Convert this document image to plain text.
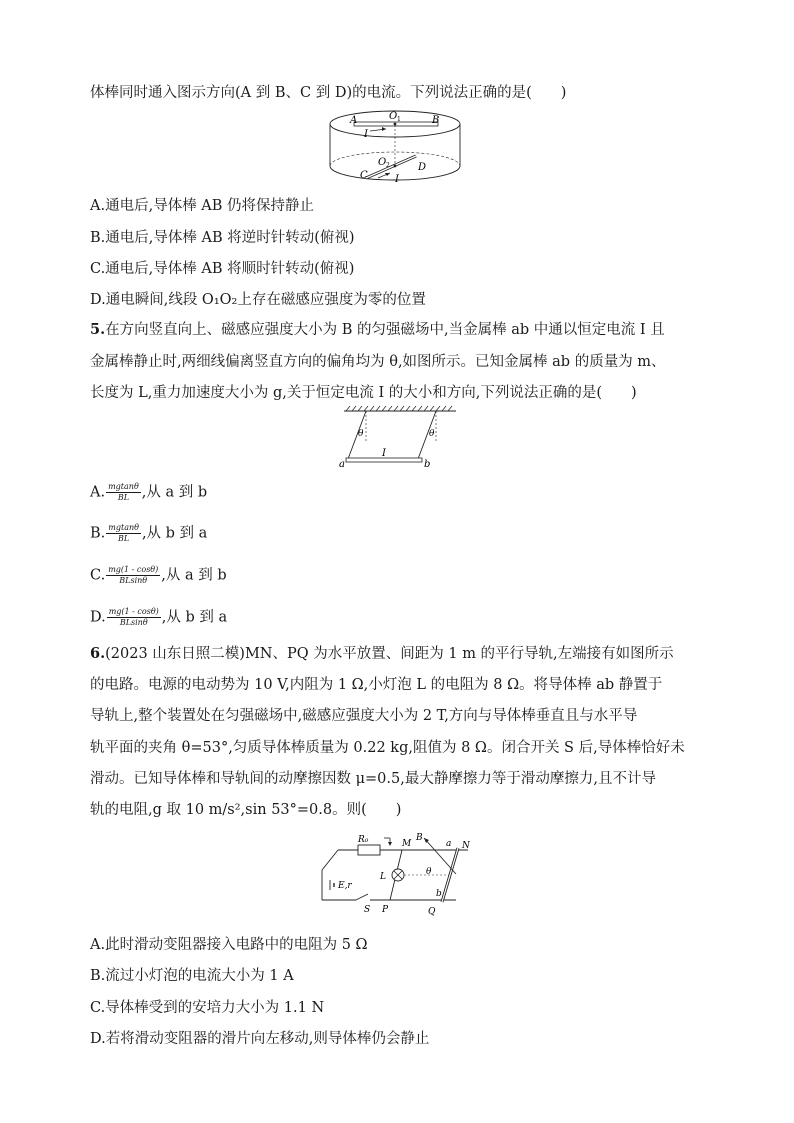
体棒同时通入图示方向(A 到 B、C 到 D)的电流。下列说法正确的是(　　)
A	O 1	B
I
O 2
C
D
I
A.通电后,导体棒 AB 仍将保持静止
B.通电后,导体棒 AB 将逆时针转动(俯视)
C.通电后,导体棒 AB 将顺时针转动(俯视)
D.通电瞬间,线段 O₁O₂上存在磁感应强度为零的位置
5.在方向竖直向上、磁感应强度大小为 B 的匀强磁场中,当金属棒 ab 中通以恒定电流 I 且
金属棒静止时,两细线偏离竖直方向的偏角均为 θ,如图所示。已知金属棒 ab 的质量为 m、
长度为 L,重力加速度大小为 g,关于恒定电流 I 的大小和方向,下列说法正确的是(　　)
θ	θ
I
a	b
A. $\frac{mgtan\theta}{BL}$ ,从 a 到 b
B. $\frac{mgtan\theta}{BL}$ ,从 b 到 a
C. $\frac{mg(1 - \cos\theta)}{BLsin\theta}$ ,从 a 到 b
D. $\frac{mg(1 - \cos\theta)}{BLsin\theta}$ ,从 b 到 a
6.(2023 山东日照二模)MN、PQ 为水平放置、间距为 1 m 的平行导轨,左端接有如图所示
的电路。电源的电动势为 10 V,内阻为 1 Ω,小灯泡 L 的电阻为 8 Ω。将导体棒 ab 静置于
导轨上,整个装置处在匀强磁场中,磁感应强度大小为 2 T,方向与导体棒垂直且与水平导
轨平面的夹角 θ=53°,匀质导体棒质量为 0.22 kg,阻值为 8 Ω。闭合开关 S 后,导体棒恰好未
滑动。已知导体棒和导轨间的动摩擦因数 μ=0.5,最大静摩擦力等于滑动摩擦力,且不计导
轨的电阻,g 取 10 m/s²,sin 53°=0.8。则(　　)
R₀	M
B
a N
E,r
L	θ
b
S P	Q
A.此时滑动变阻器接入电路中的电阻为 5 Ω
B.流过小灯泡的电流大小为 1 A
C.导体棒受到的安培力大小为 1.1 N
D.若将滑动变阻器的滑片向左移动,则导体棒仍会静止
